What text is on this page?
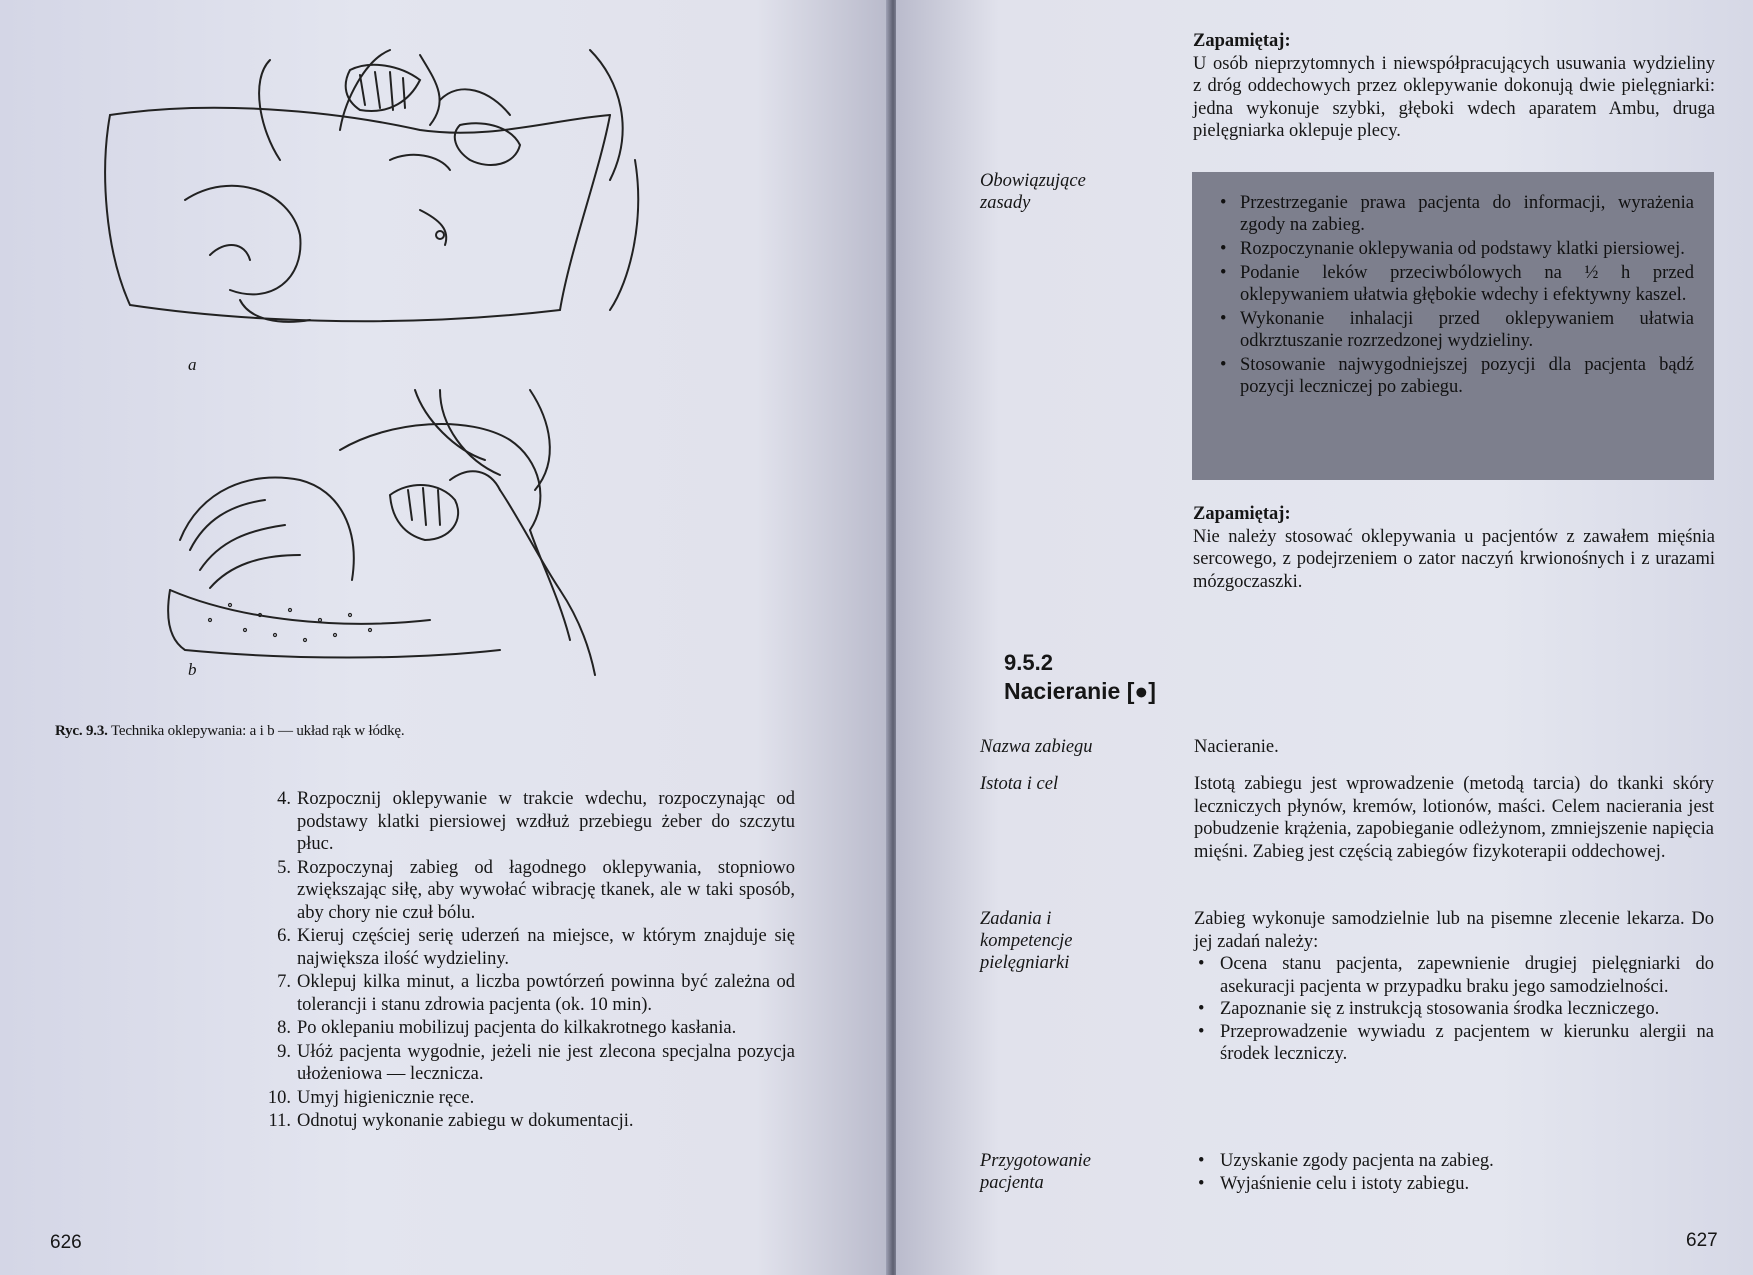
a
b
Ryc. 9.3. Technika oklepywania: a i b — układ rąk w łódkę.
4. Rozpocznij oklepywanie w trakcie wdechu, rozpoczynając od podstawy klatki piersiowej wzdłuż przebiegu żeber do szczytu płuc.
5. Rozpoczynaj zabieg od łagodnego oklepywania, stopniowo zwiększając siłę, aby wywołać wibrację tkanek, ale w taki sposób, aby chory nie czuł bólu.
6. Kieruj częściej serię uderzeń na miejsce, w którym znajduje się największa ilość wydzieliny.
7. Oklepuj kilka minut, a liczba powtórzeń powinna być zależna od tolerancji i stanu zdrowia pacjenta (ok. 10 min).
8. Po oklepaniu mobilizuj pacjenta do kilkakrotnego kasłania.
9. Ułóż pacjenta wygodnie, jeżeli nie jest zlecona specjalna pozycja ułożeniowa — lecznicza.
10. Umyj higienicznie ręce.
11. Odnotuj wykonanie zabiegu w dokumentacji.
626
Zapamiętaj:
U osób nieprzytomnych i niewspółpracujących usuwania wydzieliny z dróg oddechowych przez oklepywanie dokonują dwie pielęgniarki: jedna wykonuje szybki, głęboki wdech aparatem Ambu, druga pielęgniarka oklepuje plecy.
Obowiązujące zasady
•	Przestrzeganie prawa pacjenta do informacji, wyrażenia zgody na zabieg.
• Rozpoczynanie oklepywania od podstawy klatki piersiowej.
• Podanie leków przeciwbólowych na ½ h przed oklepywaniem ułatwia głębokie wdechy i efektywny kaszel.
• Wykonanie inhalacji przed oklepywaniem ułatwia odkrztuszanie rozrzedzonej wydzieliny.
• Stosowanie najwygodniejszej pozycji dla pacjenta bądź pozycji leczniczej po zabiegu.
Zapamiętaj:
Nie należy stosować oklepywania u pacjentów z zawałem mięśnia sercowego, z podejrzeniem o zator naczyń krwionośnych i z urazami mózgoczaszki.
9.5.2
Nacieranie [●]
Nazwa zabiegu	Nacieranie.
Istota i cel	Istotą zabiegu jest wprowadzenie (metodą tarcia) do tkanki skóry leczniczych płynów, kremów, lotionów, maści. Celem nacierania jest pobudzenie krążenia, zapobieganie odleżynom, zmniejszenie napięcia mięśni. Zabieg jest częścią zabiegów fizykoterapii oddechowej.
Zadania i kompetencje pielęgniarki
Zabieg wykonuje samodzielnie lub na pisemne zlecenie lekarza. Do jej zadań należy:
• Ocena stanu pacjenta, zapewnienie drugiej pielęgniarki do asekuracji pacjenta w przypadku braku jego samodzielności.
• Zapoznanie się z instrukcją stosowania środka leczniczego.
• Przeprowadzenie wywiadu z pacjentem w kierunku alergii na środek leczniczy.
Przygotowanie pacjenta
• Uzyskanie zgody pacjenta na zabieg.
• Wyjaśnienie celu i istoty zabiegu.
627
